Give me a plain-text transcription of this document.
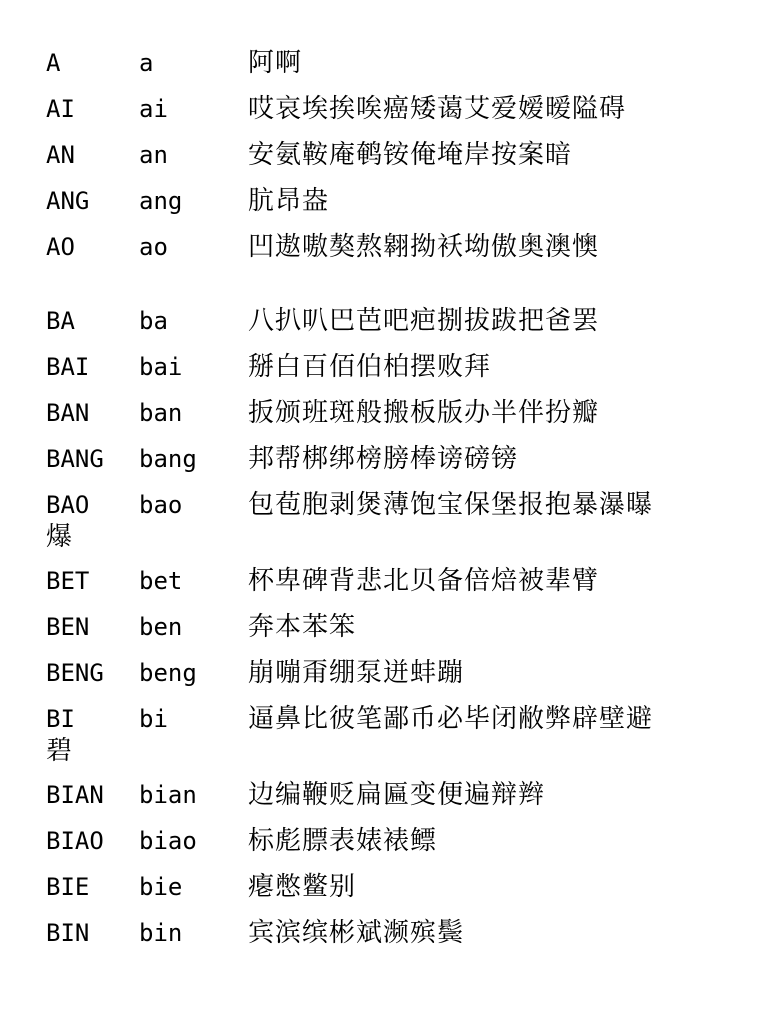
A	a	阿啊
AI	ai	哎哀埃挨唉癌矮蔼艾爱嫒暧隘碍
AN	an	安氨鞍庵鹌铵俺埯岸按案暗
ANG ang	肮昂盎
AO	ao	凹遨嗷獒熬翱拗袄坳傲奥澳懊
BA	ba	八扒叭巴芭吧疤捌拔跋把爸罢
BAI bai	掰白百佰伯柏摆败拜
BAN ban	扳颁班斑般搬板版办半伴扮瓣
BANG bang 邦帮梆绑榜膀棒谤磅镑
BAO bao	包苞胞剥煲薄饱宝保堡报抱暴瀑曝
爆
BET bet	杯卑碑背悲北贝备倍焙被辈臂
BEN ben	奔本苯笨
BENG beng 崩嘣甭绷泵迸蚌蹦
BI	bi	逼鼻比彼笔鄙币必毕闭敝弊辟壁避
碧
BIAN bian 边编鞭贬扁匾变便遍辩辫
BIAO biao 标彪膘表婊裱鳔
BIE bie	瘪憋鳖别
BIN bin	宾滨缤彬斌濒殡鬓
